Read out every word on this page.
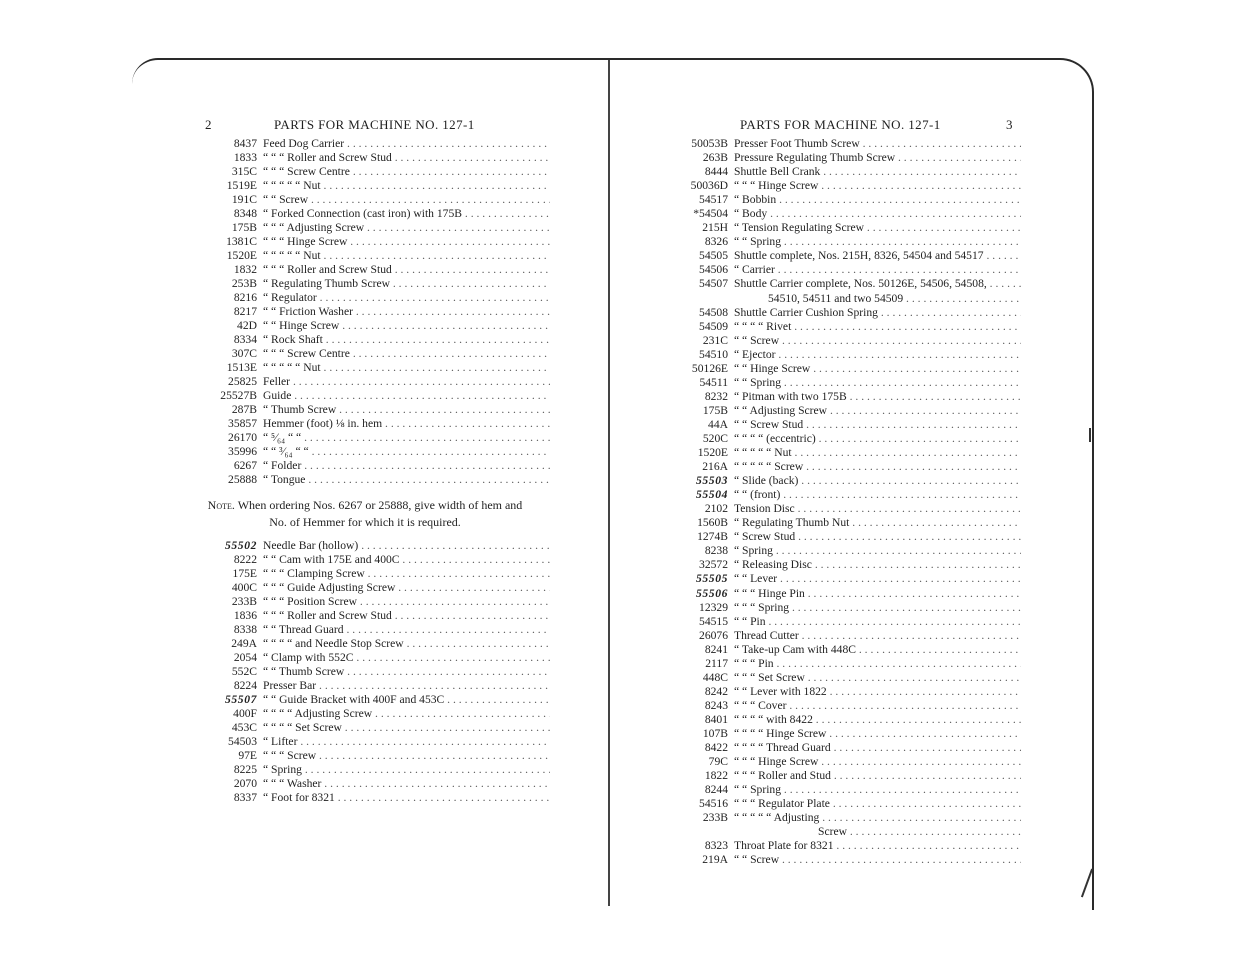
2	PARTS FOR MACHINE NO. 127-1
8437 Feed Dog Carrier . . .
1833 “ “ “ Roller and Screw Stud . . .
315C “ “ “ Screw Centre . . .
1519E “ “ “ “ “ Nut . . .
191C “ “ Screw . . .
8348 “ Forked Connection (cast iron) with 175B . . .
175B “ “ “ Adjusting Screw . . .
1381C “ “ “ Hinge Screw . . .
1520E “ “ “ “ “ Nut . . .
1832 “ “ “ Roller and Screw Stud . . .
253B “ Regulating Thumb Screw . . .
8216 “ Regulator . . .
8217 “ “ Friction Washer . . .
42D “ “ Hinge Screw . . .
8334 “ Rock Shaft . . .
307C “ “ “ Screw Centre . . .
1513E “ “ “ “ “ Nut . . .
25825 Feller . . .
25527B Guide . . .
287B “ Thumb Screw . . .
35857 Hemmer (foot) ⅛ in. hem . . .
26170 “ ⁵⁄₆₄ “ “ . . .
35996 “ “ ³⁄₆₄ “ “ . . .
6267 “ Folder . . .
25888 “ Tongue . . .
Note. When ordering Nos. 6267 or 25888, give width of hem and No. of Hemmer for which it is required.
55502 Needle Bar (hollow) . . .
8222 “ “ Cam with 175E and 400C . . .
175E “ “ “ Clamping Screw . . .
400C “ “ “ Guide Adjusting Screw . . .
233B “ “ “ Position Screw . . .
1836 “ “ “ Roller and Screw Stud . . .
8338 “ “ Thread Guard . . .
249A “ “ “ “ and Needle Stop Screw . . .
2054 “ Clamp with 552C . . .
552C “ “ Thumb Screw . . .
8224 Presser Bar . . .
55507 “ “ Guide Bracket with 400F and 453C . . .
400F “ “ “ “ Adjusting Screw . . .
453C “ “ “ “ Set Screw . . .
54503 “ Lifter . . .
97E “ “ “ Screw . . .
8225 “ Spring . . .
2070 “ “ “ Washer . . .
8337 “ Foot for 8321 . . .
PARTS FOR MACHINE NO. 127-1	3
50053B Presser Foot Thumb Screw . . .
263B Pressure Regulating Thumb Screw . . .
8444 Shuttle Bell Crank . . .
50036D “ “ “ Hinge Screw . . .
54517 “ Bobbin . . .
*54504 “ Body . . .
215H “ Tension Regulating Screw . . .
8326 “ “ Spring . . .
54505 Shuttle complete, Nos. 215H, 8326, 54504 and 54517 . . .
54506 “ Carrier . . .
54507 Shuttle Carrier complete, Nos. 50126E, 54506, 54508, . . .
54510, 54511 and two 54509 . . .
54508 Shuttle Carrier Cushion Spring . . .
54509 “ “ “ “ Rivet . . .
231C “ “ Screw . . .
54510 “ Ejector . . .
50126E “ “ Hinge Screw . . .
54511 “ “ Spring . . .
8232 “ Pitman with two 175B . . .
175B “ “ Adjusting Screw . . .
44A “ “ Screw Stud . . .
520C “ “ “ “ (eccentric) . . .
1520E “ “ “ “ “ Nut . . .
216A “ “ “ “ “ Screw . . .
55503 “ Slide (back) . . .
55504 “ “ (front) . . .
2102 Tension Disc . . .
1560B “ Regulating Thumb Nut . . .
1274B “ Screw Stud . . .
8238 “ Spring . . .
32572 “ Releasing Disc . . .
55505 “ “ Lever . . .
55506 “ “ “ Hinge Pin . . .
12329 “ “ “ Spring . . .
54515 “ “ Pin . . .
26076 Thread Cutter . . .
8241 “ Take-up Cam with 448C . . .
2117 “ “ “ Pin . . .
448C “ “ “ Set Screw . . .
8242 “ “ Lever with 1822 . . .
8243 “ “ “ Cover . . .
8401 “ “ “ “ with 8422 . . .
107B “ “ “ “ Hinge Screw . . .
8422 “ “ “ “ Thread Guard . . .
79C “ “ “ Hinge Screw . . .
1822 “ “ “ Roller and Stud . . .
8244 “ “ Spring . . .
54516 “ “ “ Regulator Plate . . .
233B “ “ “ “ “ Adjusting . . .
Screw . . .
8323 Throat Plate for 8321 . . .
219A “ “ Screw . . .
